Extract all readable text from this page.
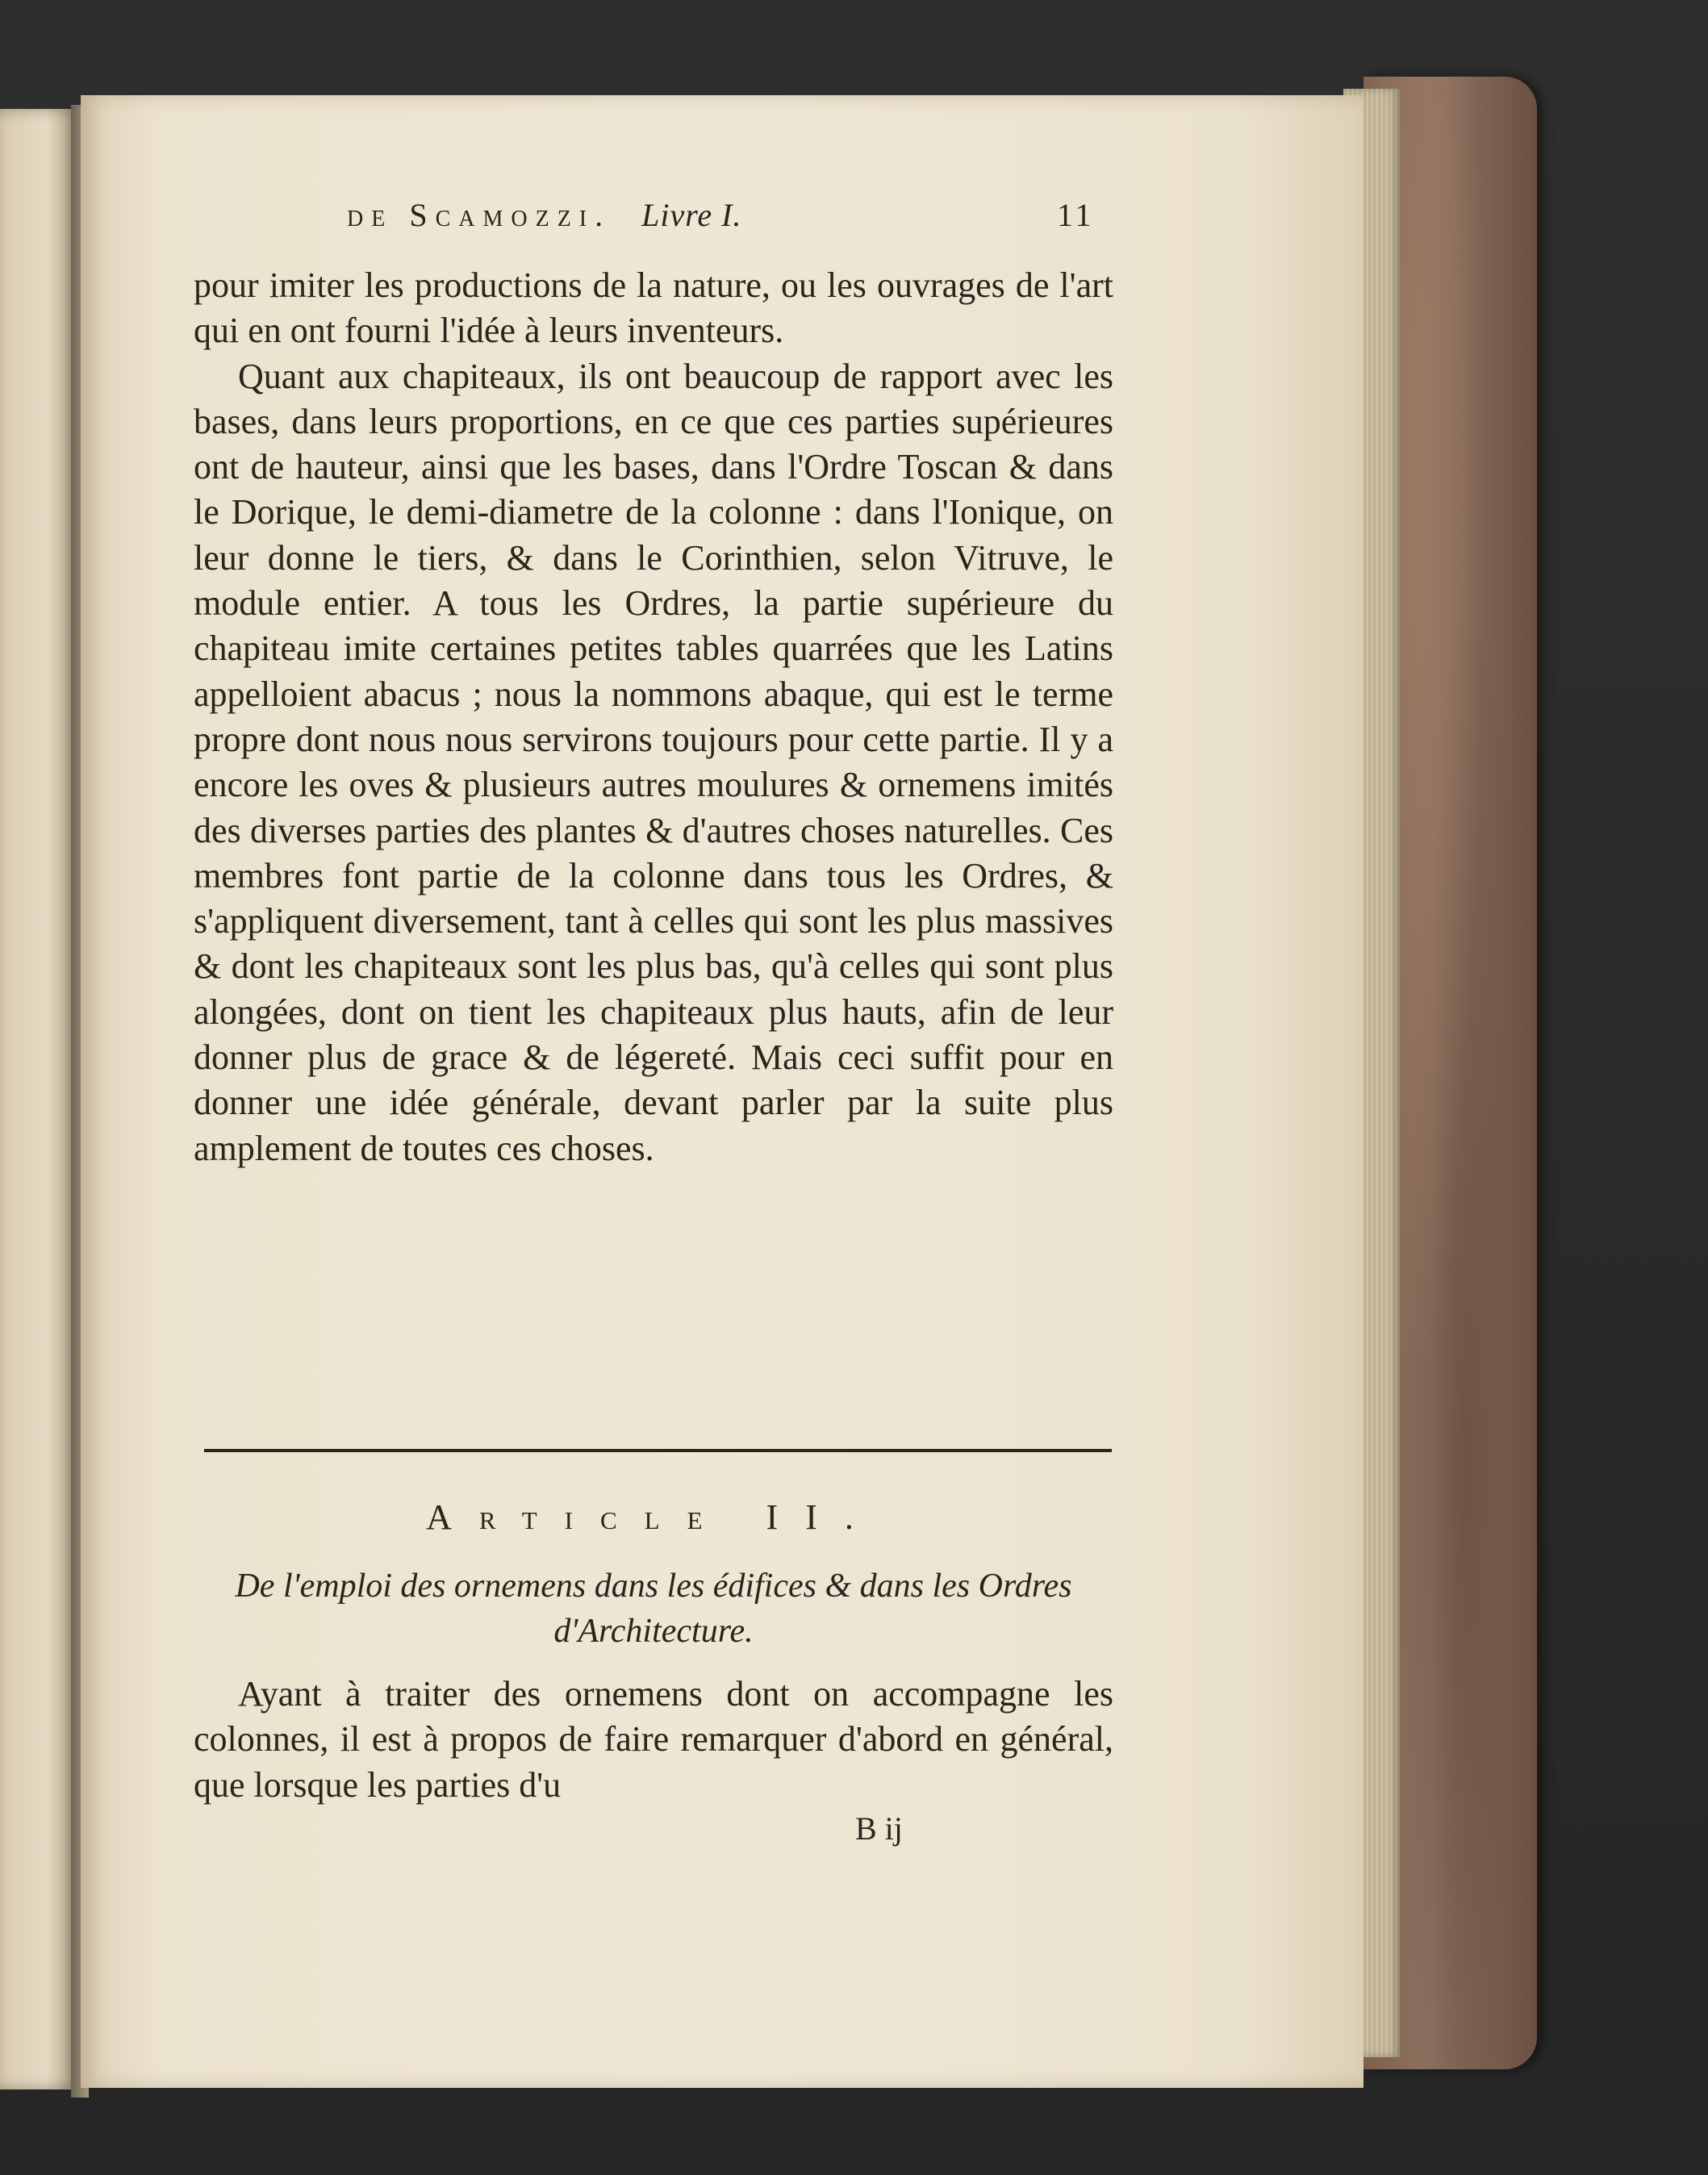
de Scamozzi. Livre I.	11

pour imiter les productions de la nature, ou les ouvrages de l'art qui en ont fourni l'idée à leurs inventeurs.

Quant aux chapiteaux, ils ont beaucoup de rapport avec les bases, dans leurs proportions, en ce que ces parties supérieures ont de hauteur, ainsi que les bases, dans l'Ordre Toscan & dans le Dorique, le demi-diametre de la colonne : dans l'Ionique, on leur donne le tiers, & dans le Corinthien, selon Vitruve, le module entier. A tous les Ordres, la partie supérieure du chapiteau imite certaines petites tables quarrées que les Latins appelloient abacus ; nous la nommons abaque, qui est le terme propre dont nous nous servirons toujours pour cette partie. Il y a encore les oves & plusieurs autres moulures & ornemens imités des diverses parties des plantes & d'autres choses naturelles. Ces membres font partie de la colonne dans tous les Ordres, & s'appliquent diversement, tant à celles qui sont les plus massives & dont les chapiteaux sont les plus bas, qu'à celles qui sont plus alongées, dont on tient les chapiteaux plus hauts, afin de leur donner plus de grace & de légereté. Mais ceci suffit pour en donner une idée générale, devant parler par la suite plus amplement de toutes ces choses.

Article II.
De l'emploi des ornemens dans les édifices & dans les Ordres d'Architecture.

Ayant à traiter des ornemens dont on accompagne les colonnes, il est à propos de faire remarquer d'abord en général, que lorsque les parties d'u

B ij
